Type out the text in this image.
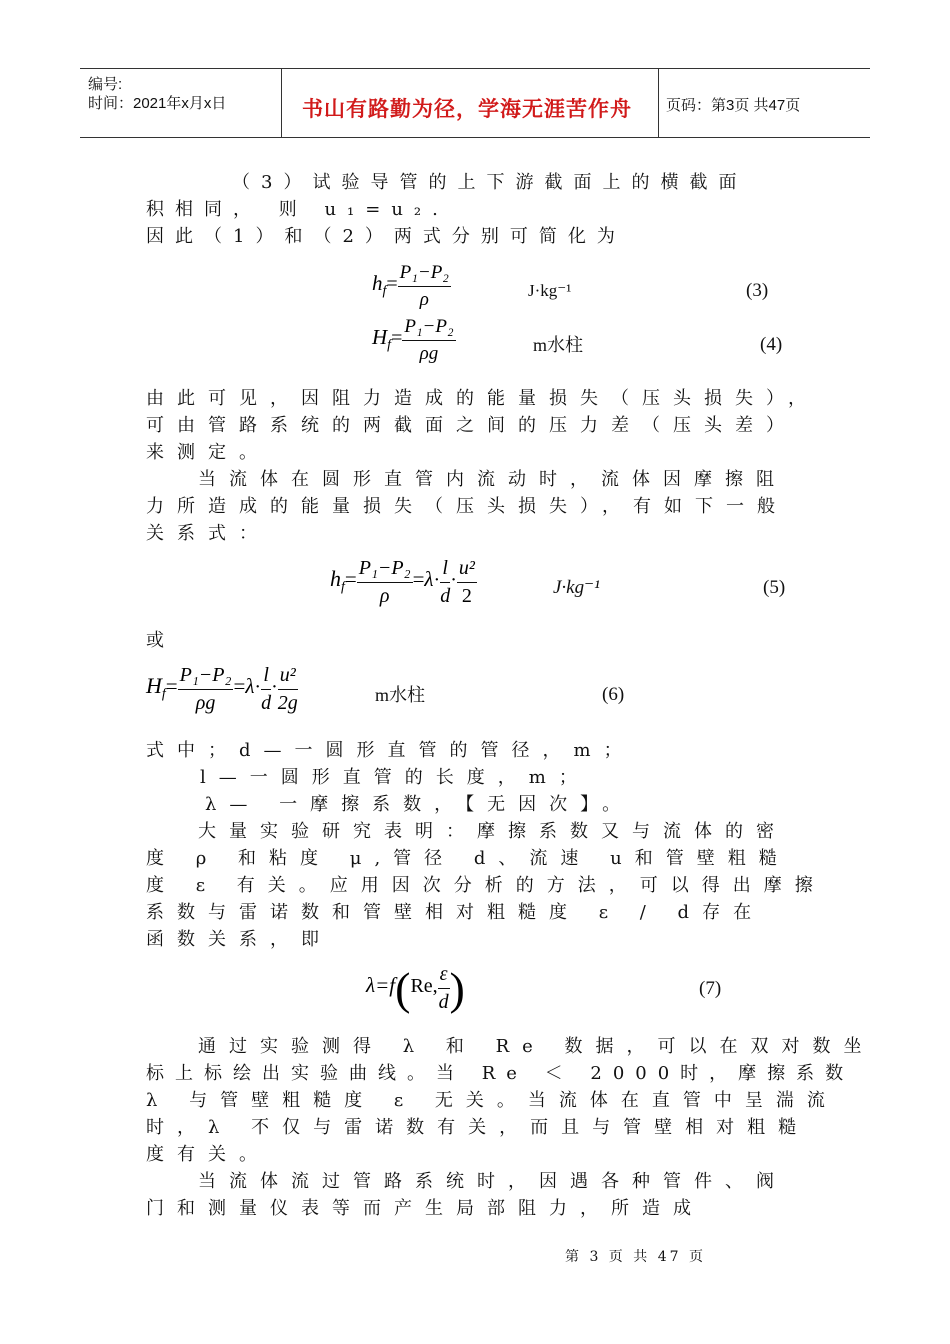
编号:
时间：2021年x月x日	书山有路勤为径，学海无涯苦作舟 页码：第3页 共47页
（3）试验导管的上下游截面上的横截面
积相同， 则 u₁=u₂.
因此（1）和（2）两式分别可简化为
$h_f= \frac{\text{P₁−P₂}}{\rho}$	J·kg⁻¹	(3)
$H_f= \frac{\text{P₁−P₂}}{\rho g}$	m水柱	(4)
由此可见，因阻力造成的能量损失（压头损失），
可由管路系统的两截面之间的压力差（压头差）
来测定。
当流体在圆形直管内流动时，流体因摩擦阻
力所造成的能量损失（压头损失），有如下一般
关系式：
$h_f= \frac{\text{P₁−P₂}}{\rho} =\lambda\cdot \frac{l}{d} \cdot \frac{\text{u²}}{2}$	J·kg⁻¹	(5)
或
$H_f= \frac{\text{P₁−P₂}}{\rho g} =\lambda\cdot \frac{l}{d} \cdot \frac{\text{u²}}{2g}$	m水柱	(6)
式中；d—一圆形直管的管径，m；
l—一圆形直管的长度，m；
λ— 一摩擦系数，【无因次】。
大量实验研究表明：摩擦系数又与流体的密
度 ρ 和粘度 μ,管径 d、流速 u和管壁粗糙
度 ε 有关。应用因次分析的方法，可以得出摩擦
系数与雷诺数和管壁相对粗糙度 ε / d存在
函数关系，即
λ=f(Re, $\frac{\varepsilon}{d}$ )	(7)
通过实验测得 λ 和 Re 数据，可以在双对数坐
标上标绘出实验曲线。当 Re ＜ 2000时，摩擦系数
λ 与管壁粗糙度 ε 无关。当流体在直管中呈湍流
时，λ 不仅与雷诺数有关，而且与管壁相对粗糙
度有关。
当流体流过管路系统时，因遇各种管件、阀
门和测量仪表等而产生局部阻力，所造成
第 3 页 共 47 页
